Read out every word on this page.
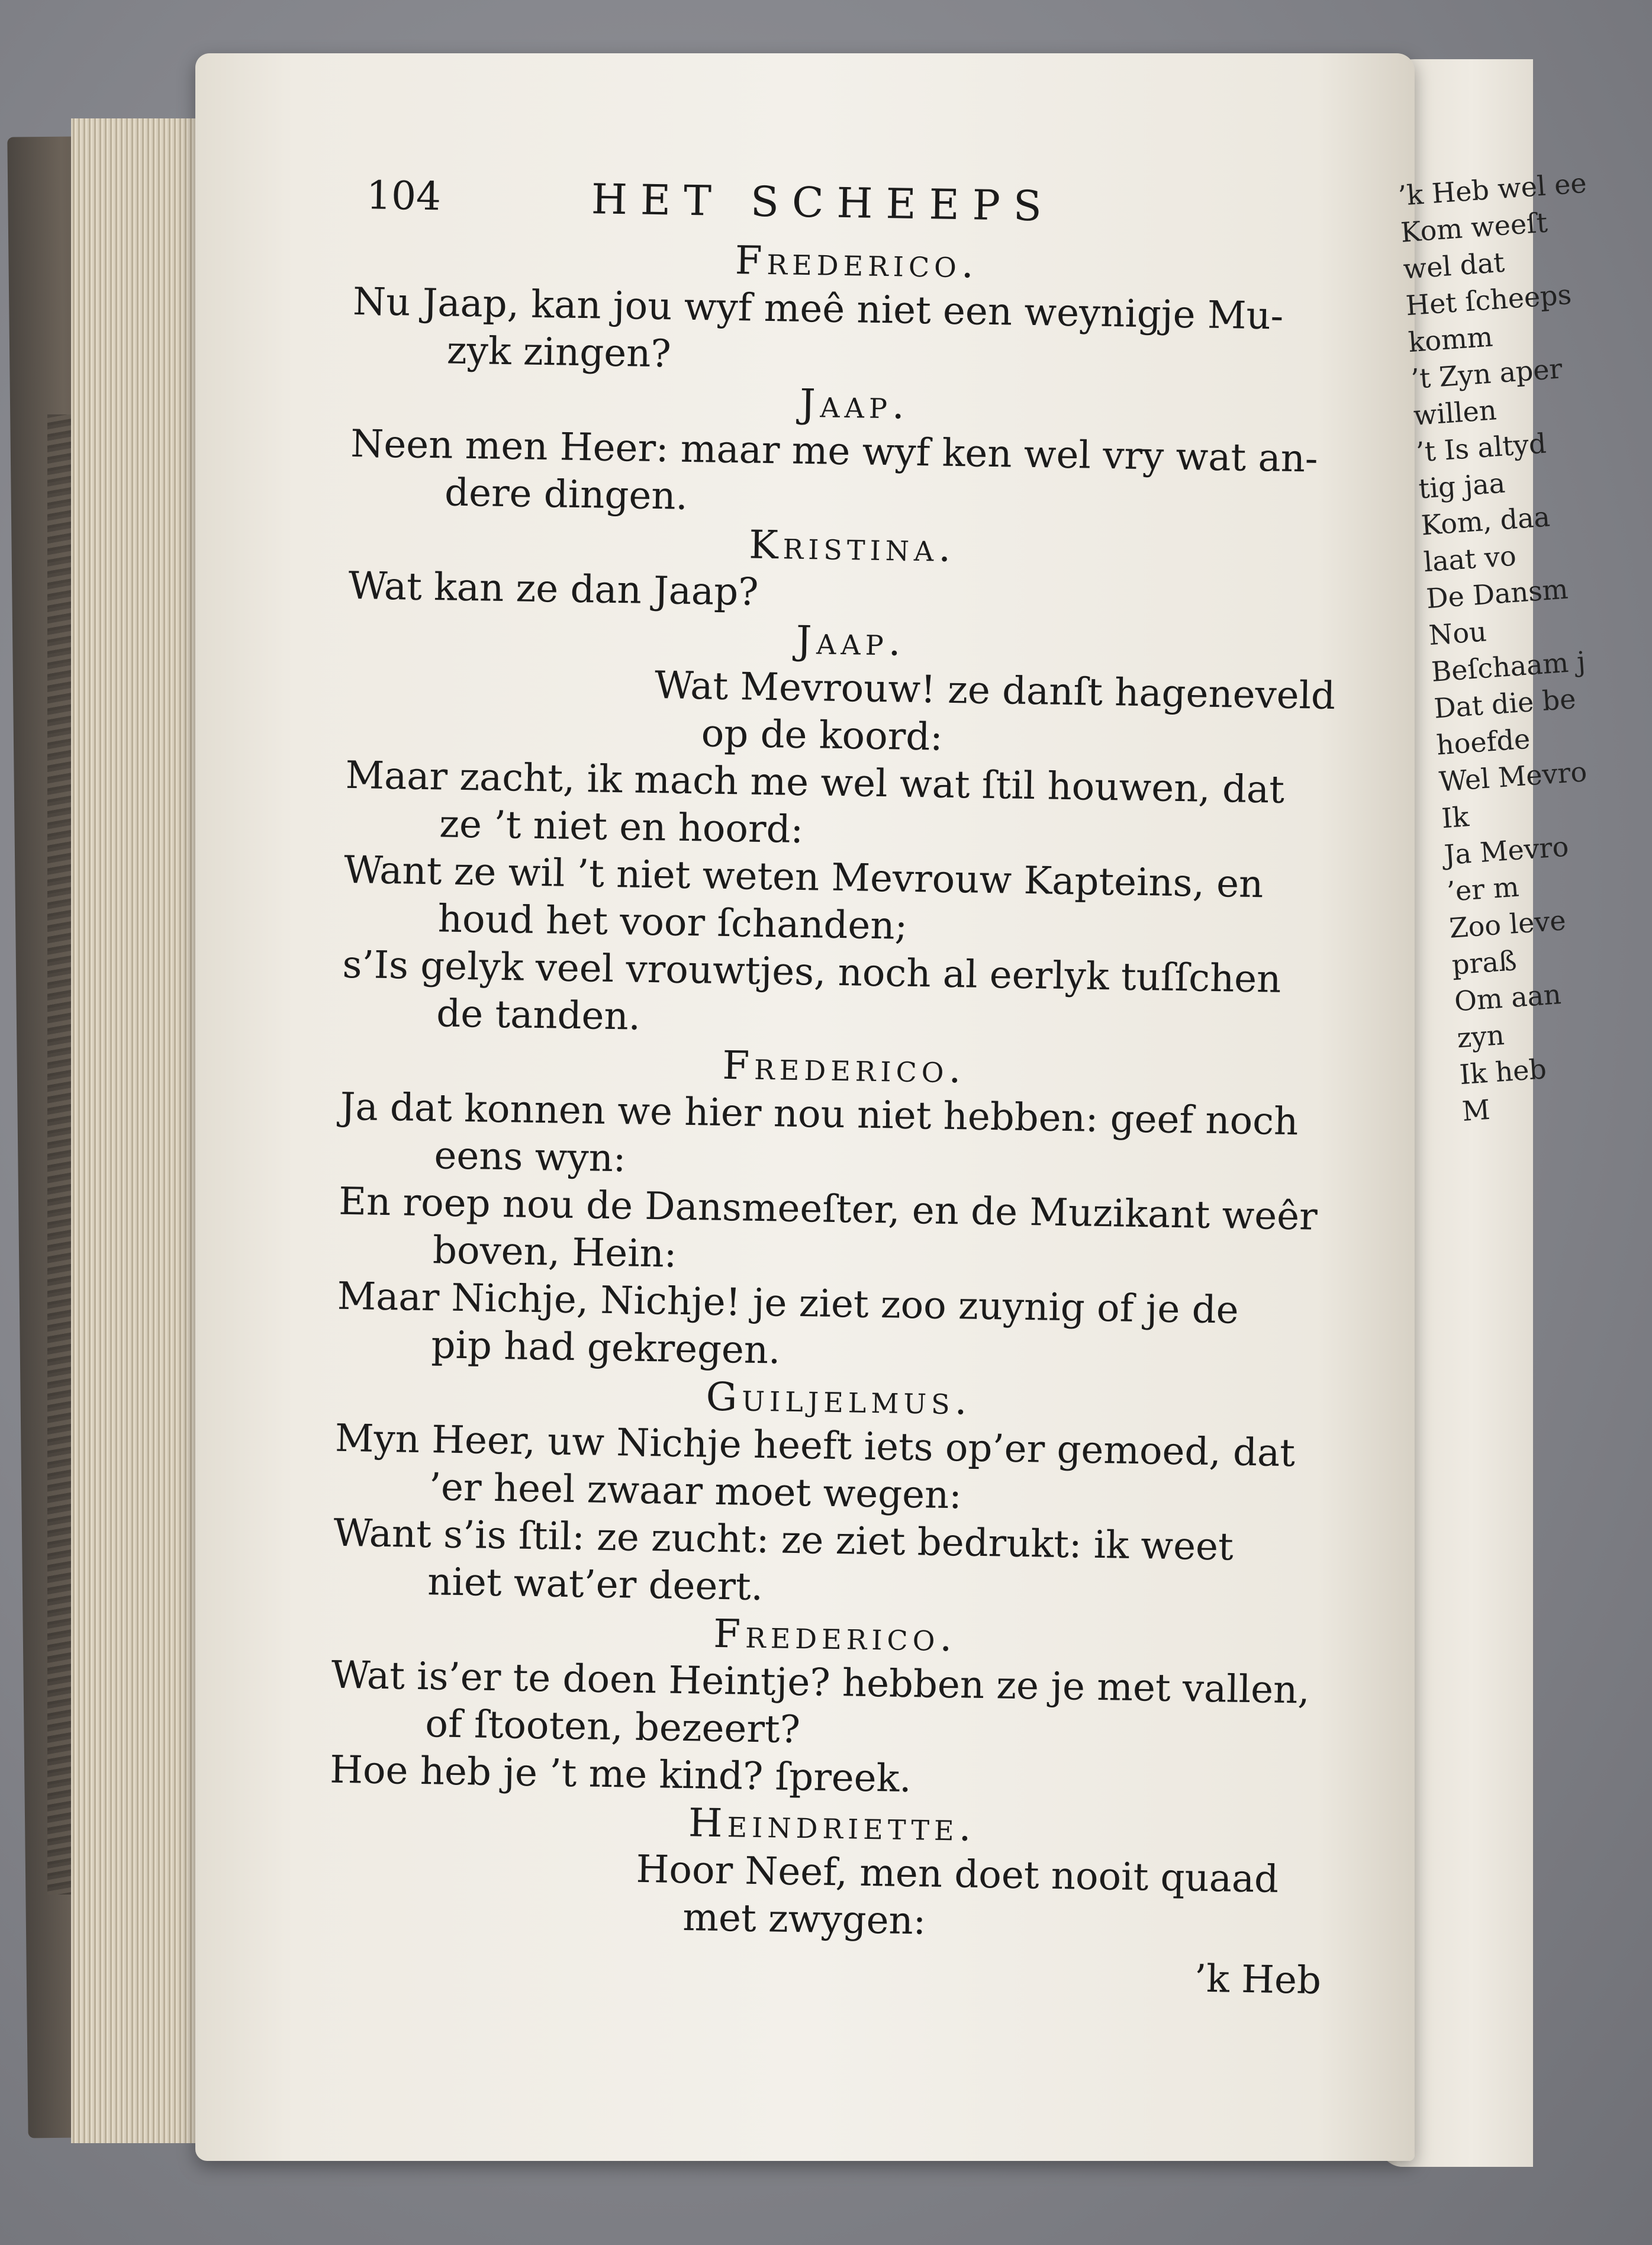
104	HET SCHEEPS
Frederico.
Nu Jaap, kan jou wyf meê niet een weynigje Mu-
zyk zingen?
Jaap.
Neen men Heer: maar me wyf ken wel vry wat an-
dere dingen.
Kristina.
Wat kan ze dan Jaap?
Jaap.
Wat Mevrouw! ze danſt hageneveld
op de koord:
Maar zacht, ik mach me wel wat ſtil houwen, dat
ze ’t niet en hoord:
Want ze wil ’t niet weten Mevrouw Kapteins, en
houd het voor ſchanden;
s’Is gelyk veel vrouwtjes, noch al eerlyk tuſſchen
de tanden.
Frederico.
Ja dat konnen we hier nou niet hebben: geef noch
eens wyn:
En roep nou de Dansmeeſter, en de Muzikant weêr
boven, Hein:
Maar Nichje, Nichje! je ziet zoo zuynig of je de
pip had gekregen.
Guiljelmus.
Myn Heer, uw Nichje heeft iets op’er gemoed, dat
’er heel zwaar moet wegen:
Want s’is ſtil: ze zucht: ze ziet bedrukt: ik weet
niet wat’er deert.
Frederico.
Wat is’er te doen Heintje? hebben ze je met vallen,
of ſtooten, bezeert?
Hoe heb je ’t me kind? ſpreek.
Heindriette.
Hoor Neef, men doet nooit quaad
met zwygen:
’k Heb
’k Heb wel ee
Kom weeſt
wel dat
Het ſcheeps
komm
’t Zyn aper
willen
’t Is altyd
tig jaa
Kom, daa
laat vo
De Dansm
Nou
Beſchaam j
Dat die be
hoefde
Wel Mevro
Ik
Ja Mevro
’er m
Zoo leve
praß
Om aan
zyn
Ik heb
M
